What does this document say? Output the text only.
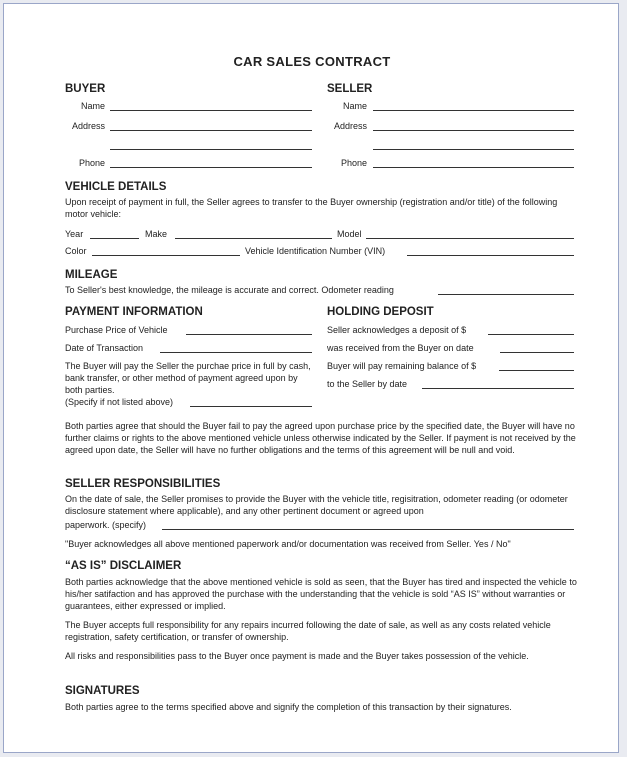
CAR SALES CONTRACT
BUYER
Name
Address
Phone
SELLER
Name
Address
Phone
VEHICLE DETAILS
Upon receipt of payment in full, the Seller agrees to transfer to the Buyer ownership (registration and/or title) of the following motor vehicle:
Year	Make	Model
Color	Vehicle Identification Number (VIN)
MILEAGE
To Seller's best knowledge, the mileage is accurate and correct. Odometer reading
PAYMENT INFORMATION
Purchase Price of Vehicle
Date of Transaction
The Buyer will pay the Seller the purchae price in full by cash, bank transfer, or other method of payment agreed upon by both parties.
(Specify if not listed above)
HOLDING DEPOSIT
Seller acknowledges a deposit of $
was received from the Buyer on date
Buyer will pay remaining balance of $
to the Seller by date
Both parties agree that should the Buyer fail to pay the agreed upon purchase price by the specified date, the Buyer will have no further claims or rights to the above mentioned vehicle unless otherwise indicated by the Seller. If payment is not received by the agreed upon date, the Seller will have no further obligations and the terms of this agreement will be null and void.
SELLER RESPONSIBILITIES
On the date of sale, the Seller promises to provide the Buyer with the vehicle title, regisitration, odometer reading (or odometer disclosure statement where applicable), and any other pertinent document or agreed upon
paperwork. (specify)
"Buyer acknowledges all above mentioned paperwork and/or documentation was received from Seller. Yes / No"
“AS IS” DISCLAIMER
Both parties acknowledge that the above mentioned vehicle is sold as seen, that the Buyer has tired and inspected the vehicle to his/her satifaction and has approved the purchase with the understanding that the vehicle is sold “AS IS” without warranties or guarantees, either expressed or implied.
The Buyer accepts full responsibility for any repairs incurred following the date of sale, as well as any costs related vehicle registration, safety certification, or transfer of ownership.
All risks and responsibilities pass to the Buyer once payment is made and the Buyer takes possession of the vehicle.
SIGNATURES
Both parties agree to the terms specified above and signify the completion of this transaction by their signatures.
